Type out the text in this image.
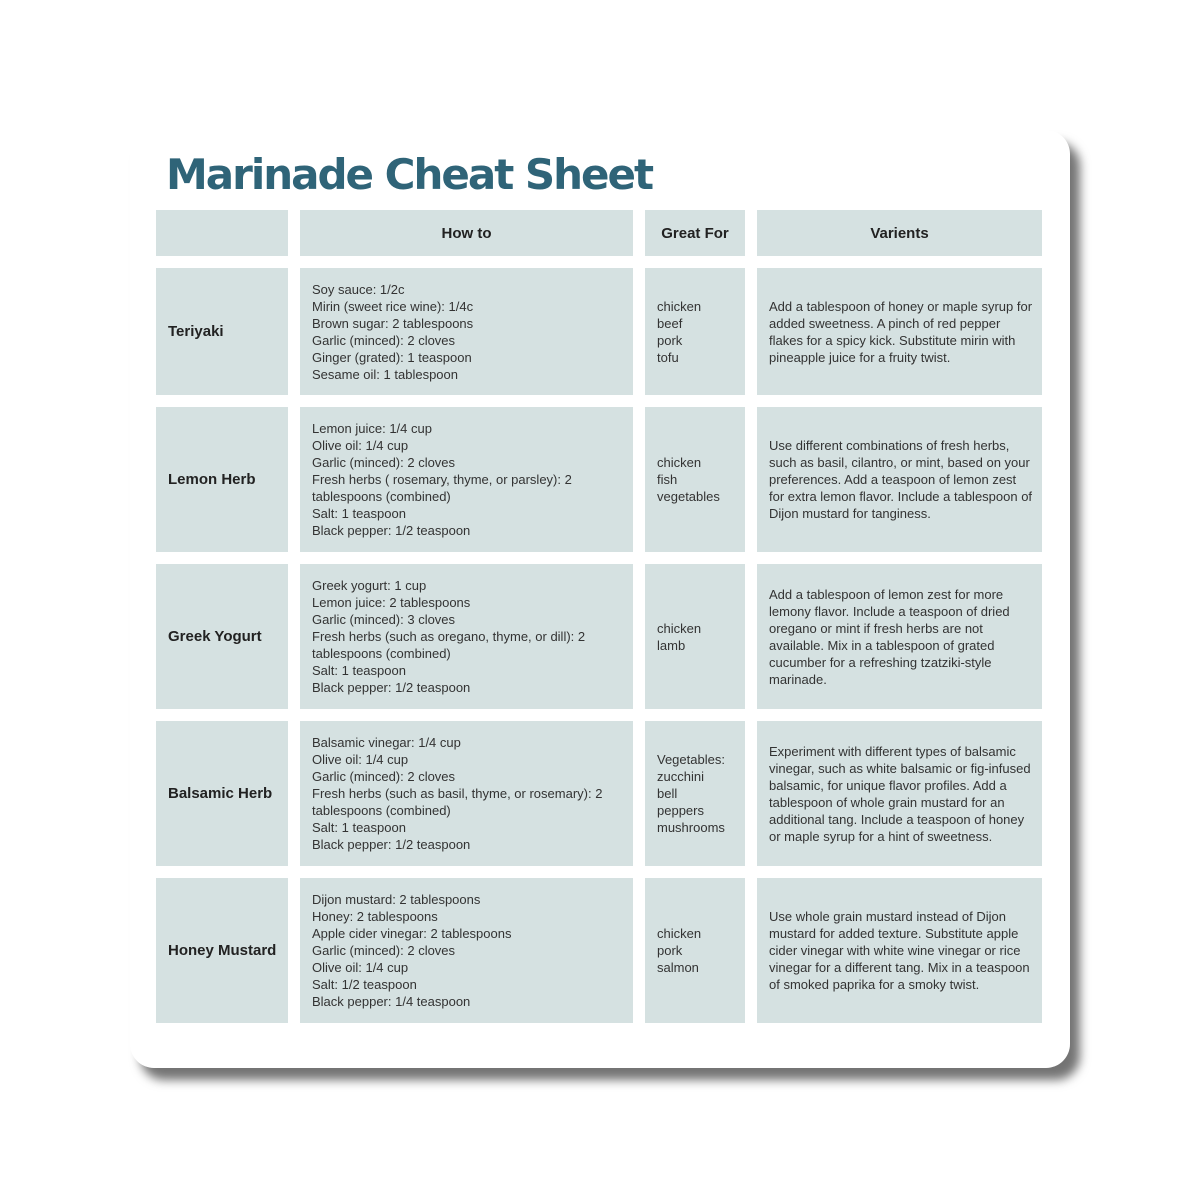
Marinade Cheat Sheet
How to	Great For	Varients
Teriyaki
Soy sauce: 1/2c
Mirin (sweet rice wine): 1/4c
Brown sugar: 2 tablespoons
Garlic (minced): 2 cloves
Ginger (grated): 1 teaspoon
Sesame oil: 1 tablespoon
chicken
beef
pork
tofu
Add a tablespoon of honey or maple syrup for added sweetness. A pinch of red pepper flakes for a spicy kick. Substitute mirin with pineapple juice for a fruity twist.
Lemon Herb
Lemon juice: 1/4 cup
Olive oil: 1/4 cup
Garlic (minced): 2 cloves
Fresh herbs ( rosemary, thyme, or parsley): 2 tablespoons (combined)
Salt: 1 teaspoon
Black pepper: 1/2 teaspoon
chicken
fish
vegetables
Use different combinations of fresh herbs, such as basil, cilantro, or mint, based on your preferences. Add a teaspoon of lemon zest for extra lemon flavor. Include a tablespoon of Dijon mustard for tanginess.
Greek Yogurt
Greek yogurt: 1 cup
Lemon juice: 2 tablespoons
Garlic (minced): 3 cloves
Fresh herbs (such as oregano, thyme, or dill): 2 tablespoons (combined)
Salt: 1 teaspoon
Black pepper: 1/2 teaspoon
chicken
lamb
Add a tablespoon of lemon zest for more lemony flavor. Include a teaspoon of dried oregano or mint if fresh herbs are not available. Mix in a tablespoon of grated cucumber for a refreshing tzatziki-style marinade.
Balsamic Herb
Balsamic vinegar: 1/4 cup
Olive oil: 1/4 cup
Garlic (minced): 2 cloves
Fresh herbs (such as basil, thyme, or rosemary): 2 tablespoons (combined)
Salt: 1 teaspoon
Black pepper: 1/2 teaspoon
Vegetables:
zucchini
bell
peppers
mushrooms
Experiment with different types of balsamic vinegar, such as white balsamic or fig-infused balsamic, for unique flavor profiles. Add a tablespoon of whole grain mustard for an additional tang. Include a teaspoon of honey or maple syrup for a hint of sweetness.
Honey Mustard
Dijon mustard: 2 tablespoons
Honey: 2 tablespoons
Apple cider vinegar: 2 tablespoons
Garlic (minced): 2 cloves
Olive oil: 1/4 cup
Salt: 1/2 teaspoon
Black pepper: 1/4 teaspoon
chicken
pork
salmon
Use whole grain mustard instead of Dijon mustard for added texture. Substitute apple cider vinegar with white wine vinegar or rice vinegar for a different tang. Mix in a teaspoon of smoked paprika for a smoky twist.
